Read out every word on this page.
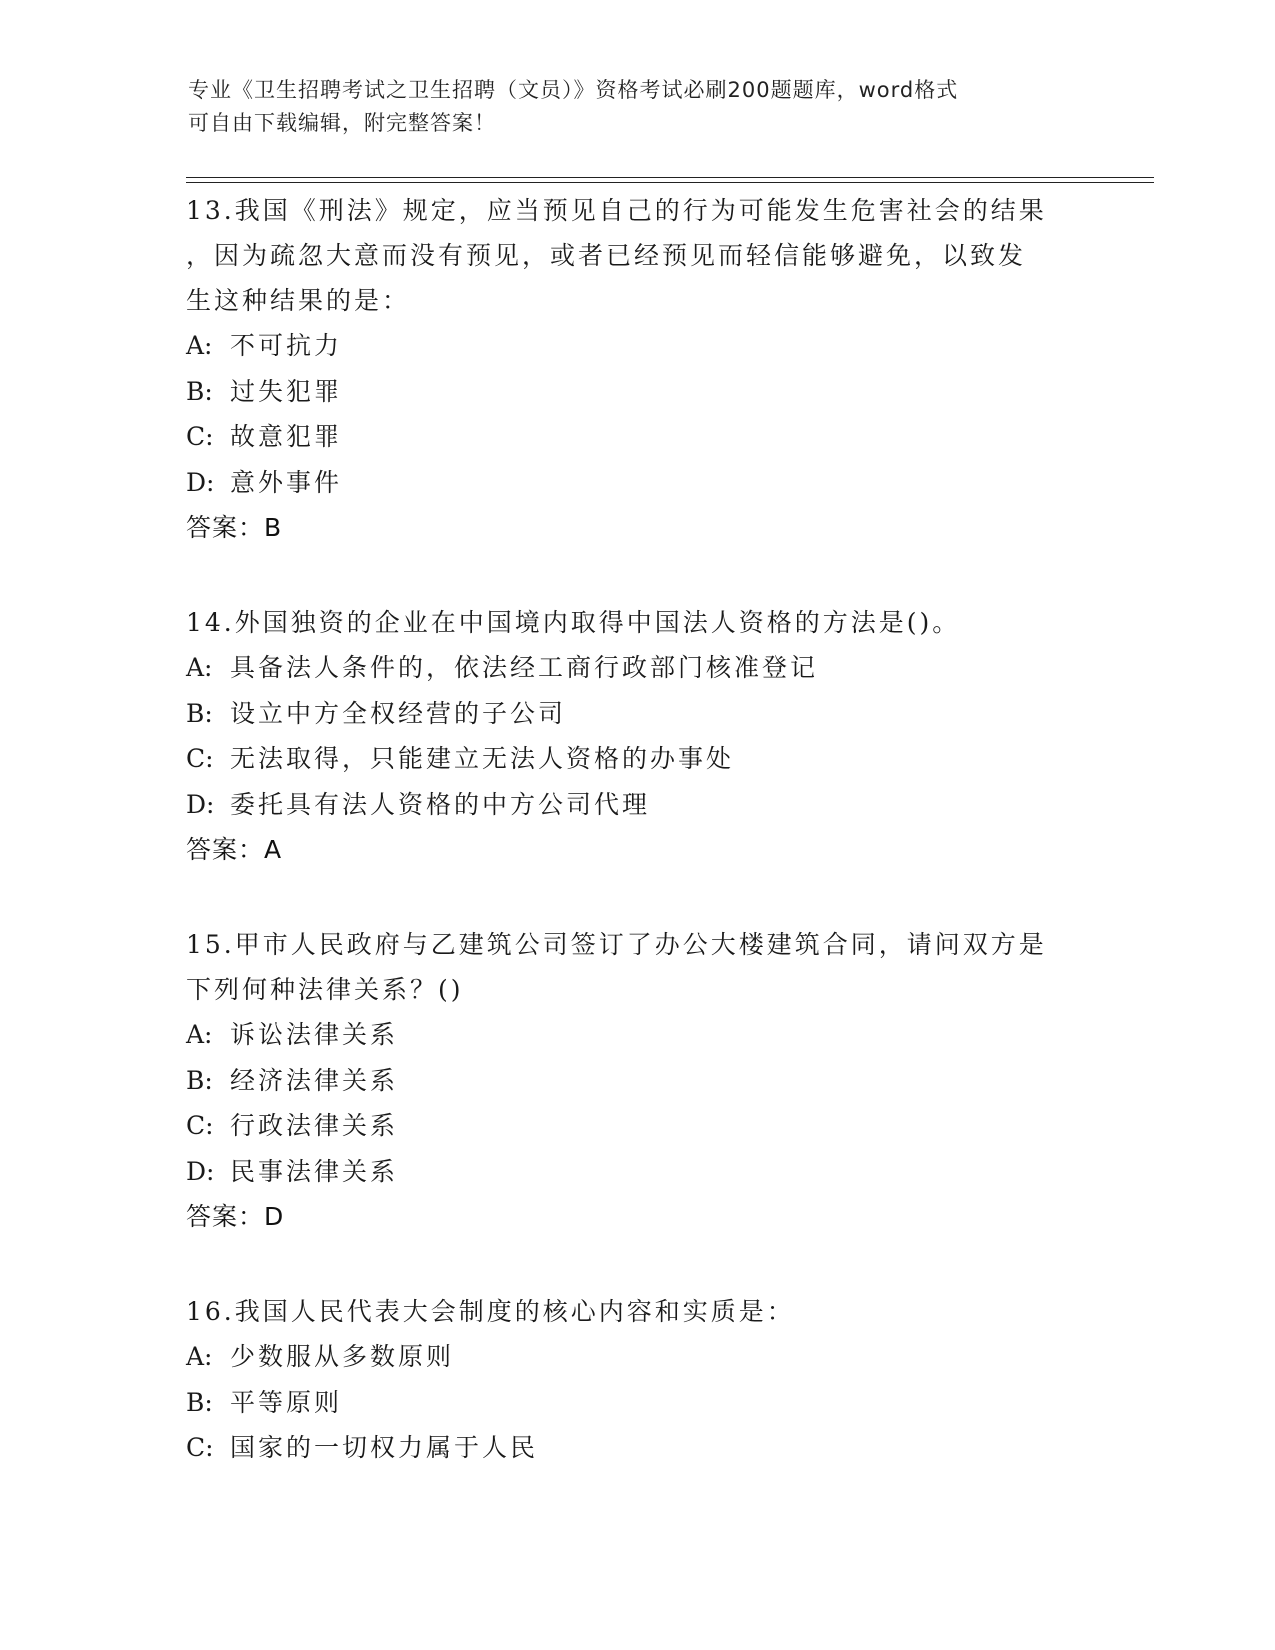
专业《卫生招聘考试之卫生招聘（文员）》资格考试必刷200题题库，word格式
可自由下载编辑，附完整答案！
13.我国《刑法》规定，应当预见自己的行为可能发生危害社会的结果
，因为疏忽大意而没有预见，或者已经预见而轻信能够避免，以致发
生这种结果的是：
A: 不可抗力
B: 过失犯罪
C: 故意犯罪
D: 意外事件
答案：B
14.外国独资的企业在中国境内取得中国法人资格的方法是()。
A: 具备法人条件的，依法经工商行政部门核准登记
B: 设立中方全权经营的子公司
C: 无法取得，只能建立无法人资格的办事处
D: 委托具有法人资格的中方公司代理
答案：A
15.甲市人民政府与乙建筑公司签订了办公大楼建筑合同，请问双方是
下列何种法律关系？()
A: 诉讼法律关系
B: 经济法律关系
C: 行政法律关系
D: 民事法律关系
答案：D
16.我国人民代表大会制度的核心内容和实质是：
A: 少数服从多数原则
B: 平等原则
C: 国家的一切权力属于人民
